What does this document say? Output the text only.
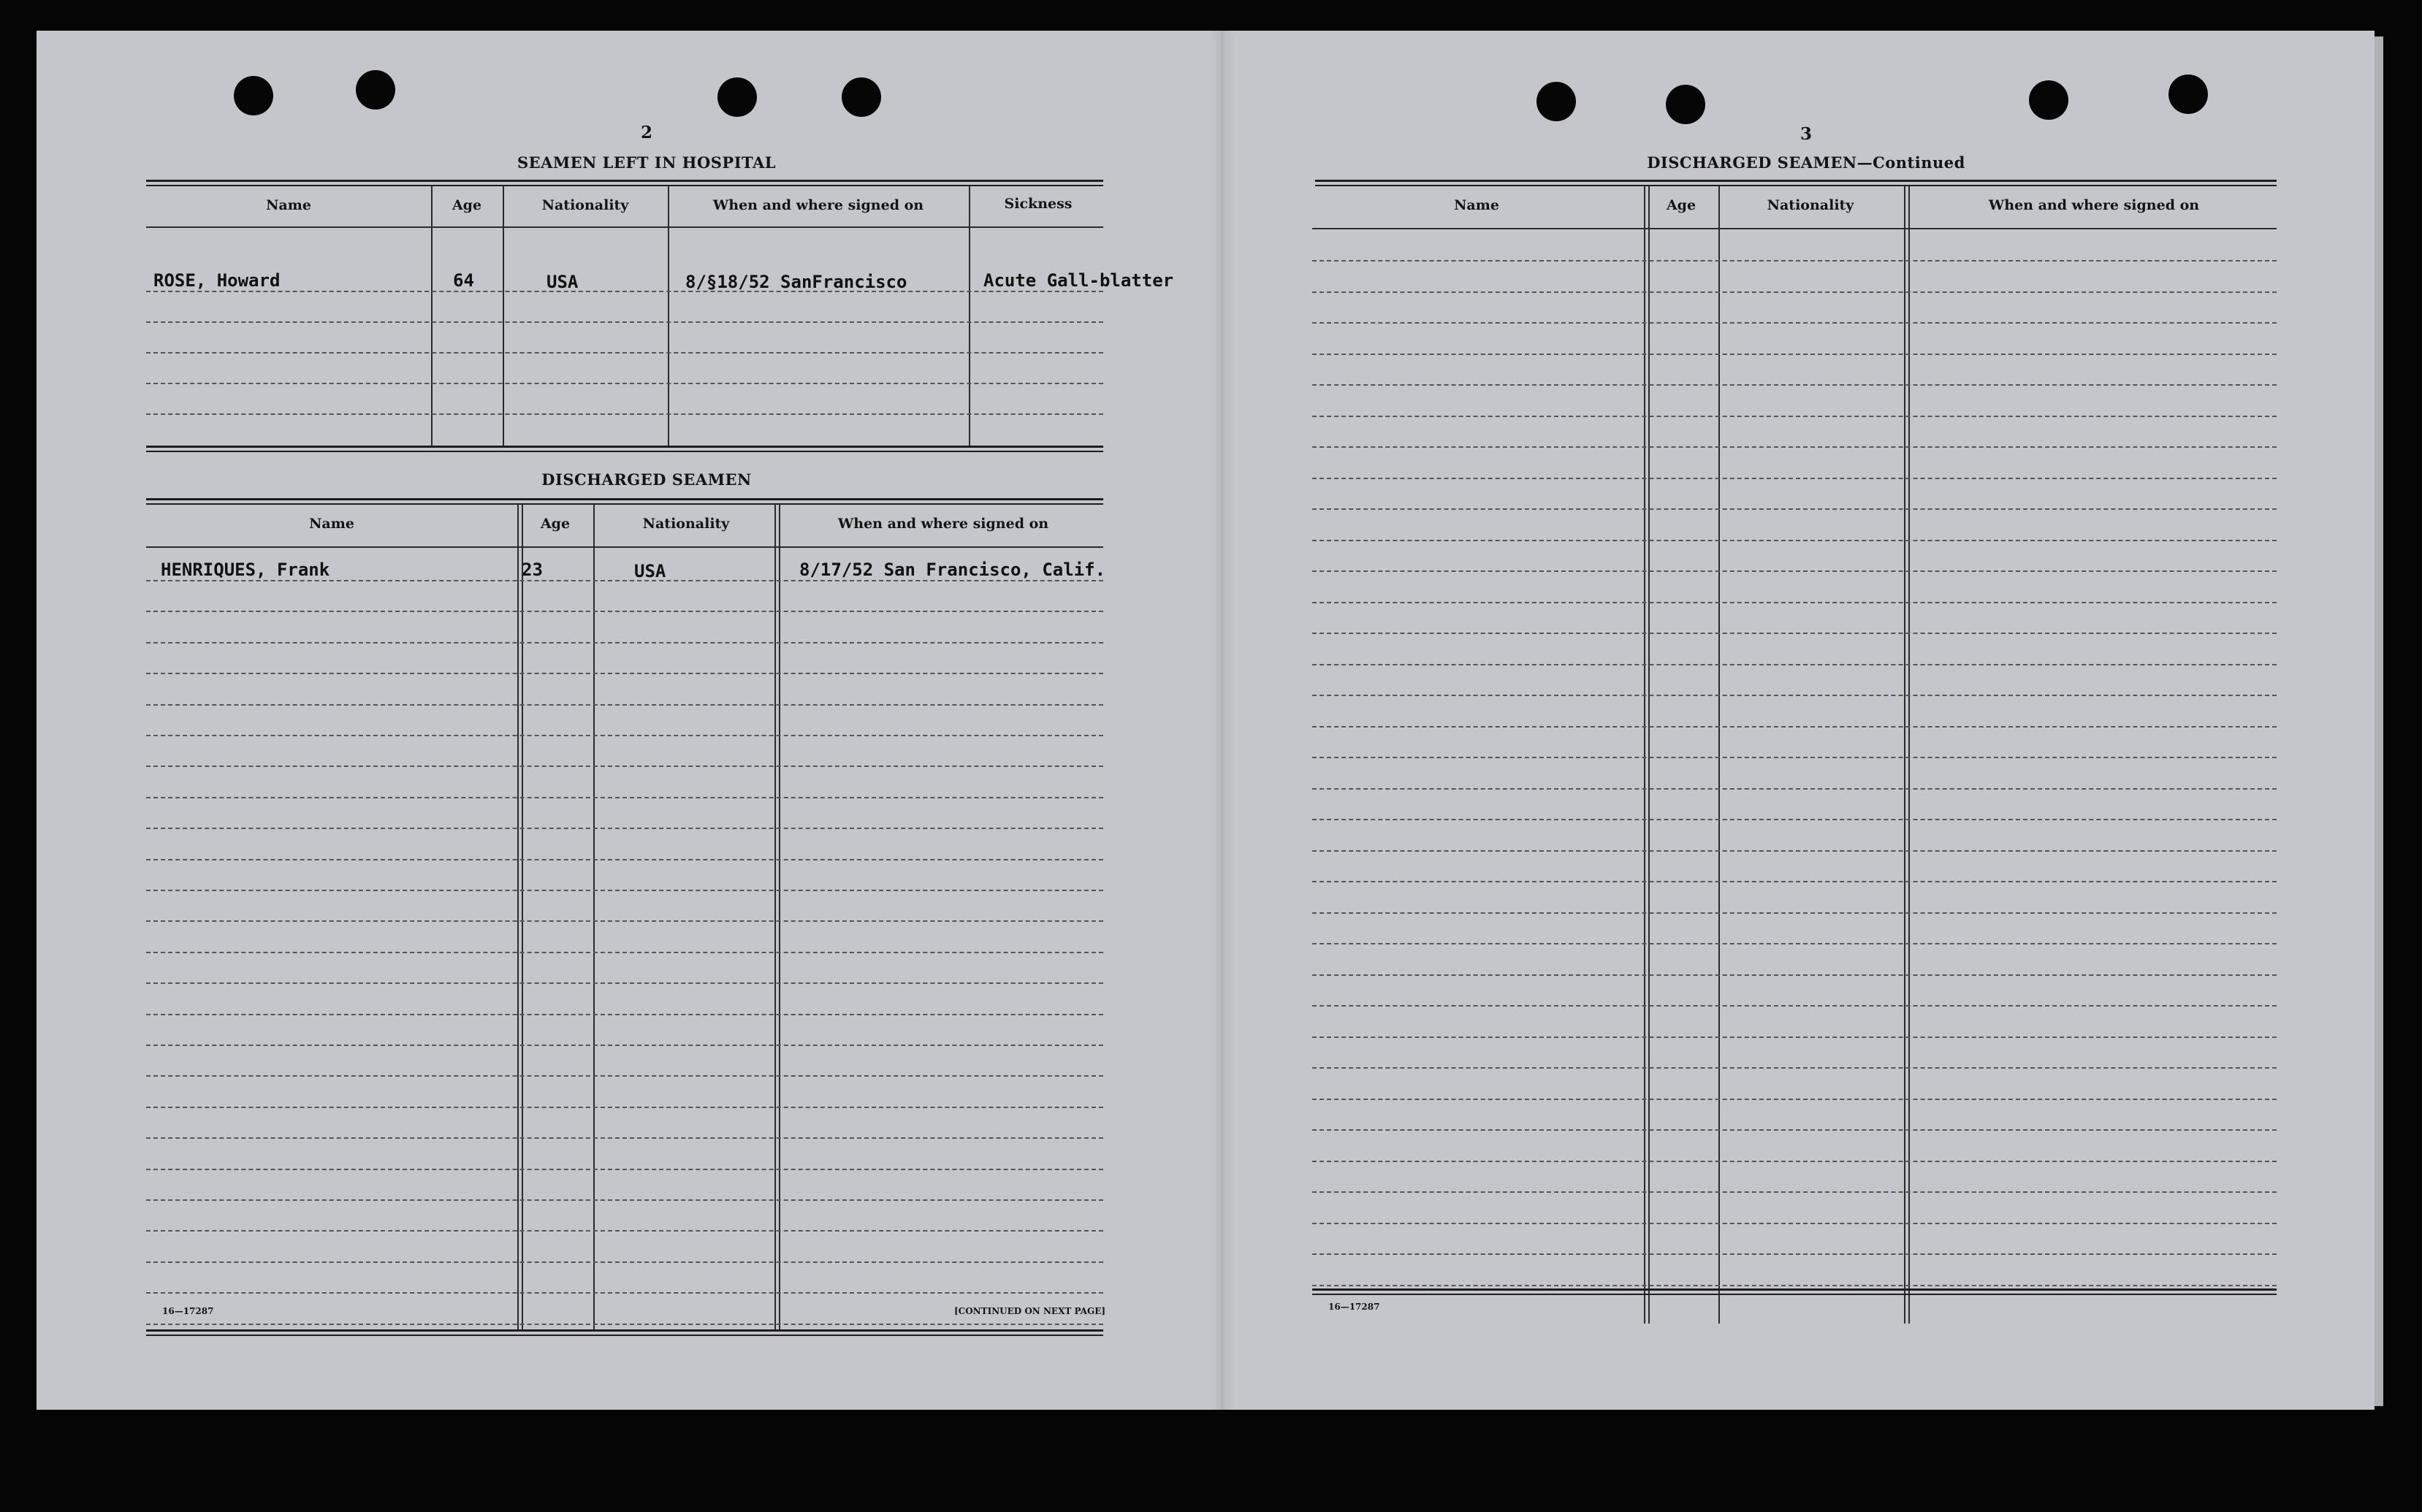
2
SEAMEN LEFT IN HOSPITAL
Name	Age	Nationality	When and where signed on	Sickness
ROSE, Howard	64	USA	8/§18/52 SanFrancisco	Acute Gall-blatter
DISCHARGED SEAMEN
Name	Age	Nationality	When and where signed on
HENRIQUES, Frank	23	USA	8/17/52 San Francisco, Calif.
16—17287	[CONTINUED ON NEXT PAGE]
3
DISCHARGED SEAMEN—Continued
Name	Age	Nationality	When and where signed on
16—17287
